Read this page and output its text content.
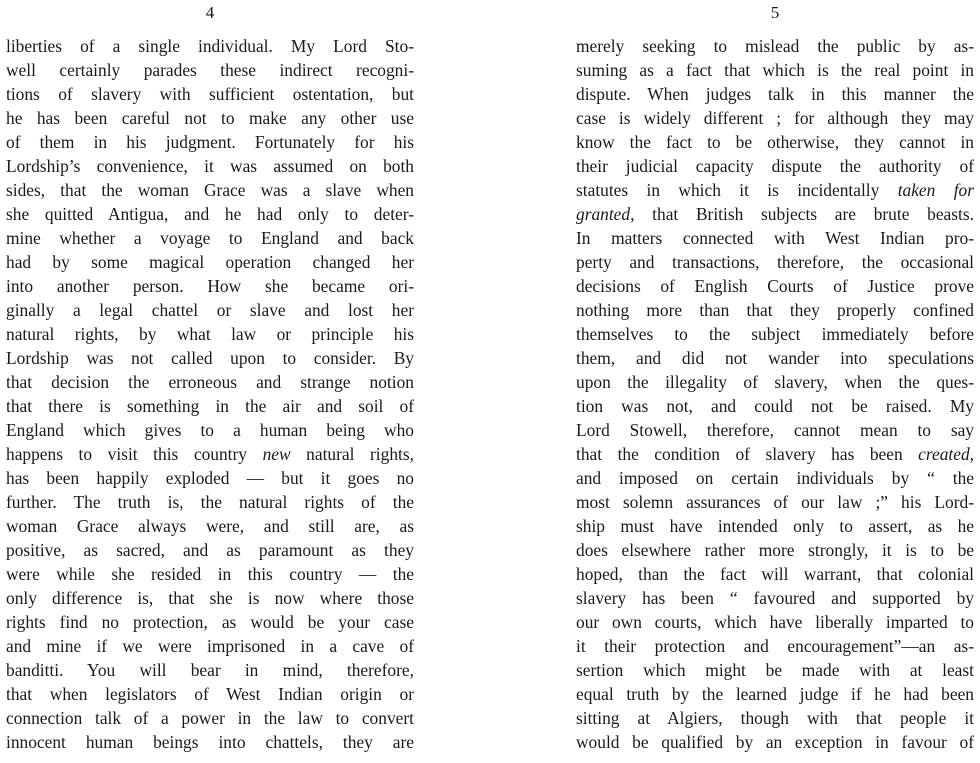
4
liberties of a single individual. My Lord Sto-
well certainly parades these indirect recogni-
tions of slavery with sufficient ostentation, but
he has been careful not to make any other use
of them in his judgment. Fortunately for his
Lordship’s convenience, it was assumed on both
sides, that the woman Grace was a slave when
she quitted Antigua, and he had only to deter-
mine whether a voyage to England and back
had by some magical operation changed her
into another person. How she became ori-
ginally a legal chattel or slave and lost her
natural rights, by what law or principle his
Lordship was not called upon to consider. By
that decision the erroneous and strange notion
that there is something in the air and soil of
England which gives to a human being who
happens to visit this country new natural rights,
has been happily exploded — but it goes no
further. The truth is, the natural rights of the
woman Grace always were, and still are, as
positive, as sacred, and as paramount as they
were while she resided in this country — the
only difference is, that she is now where those
rights find no protection, as would be your case
and mine if we were imprisoned in a cave of
banditti. You will bear in mind, therefore,
that when legislators of West Indian origin or
connection talk of a power in the law to convert
innocent human beings into chattels, they are
5
merely seeking to mislead the public by as-
suming as a fact that which is the real point in
dispute. When judges talk in this manner the
case is widely different ; for although they may
know the fact to be otherwise, they cannot in
their judicial capacity dispute the authority of
statutes in which it is incidentally taken for
granted, that British subjects are brute beasts.
In matters connected with West Indian pro-
perty and transactions, therefore, the occasional
decisions of English Courts of Justice prove
nothing more than that they properly confined
themselves to the subject immediately before
them, and did not wander into speculations
upon the illegality of slavery, when the ques-
tion was not, and could not be raised. My
Lord Stowell, therefore, cannot mean to say
that the condition of slavery has been created,
and imposed on certain individuals by “ the
most solemn assurances of our law ;” his Lord-
ship must have intended only to assert, as he
does elsewhere rather more strongly, it is to be
hoped, than the fact will warrant, that colonial
slavery has been “ favoured and supported by
our own courts, which have liberally imparted to
it their protection and encouragement”—an as-
sertion which might be made with at least
equal truth by the learned judge if he had been
sitting at Algiers, though with that people it
would be qualified by an exception in favour of
